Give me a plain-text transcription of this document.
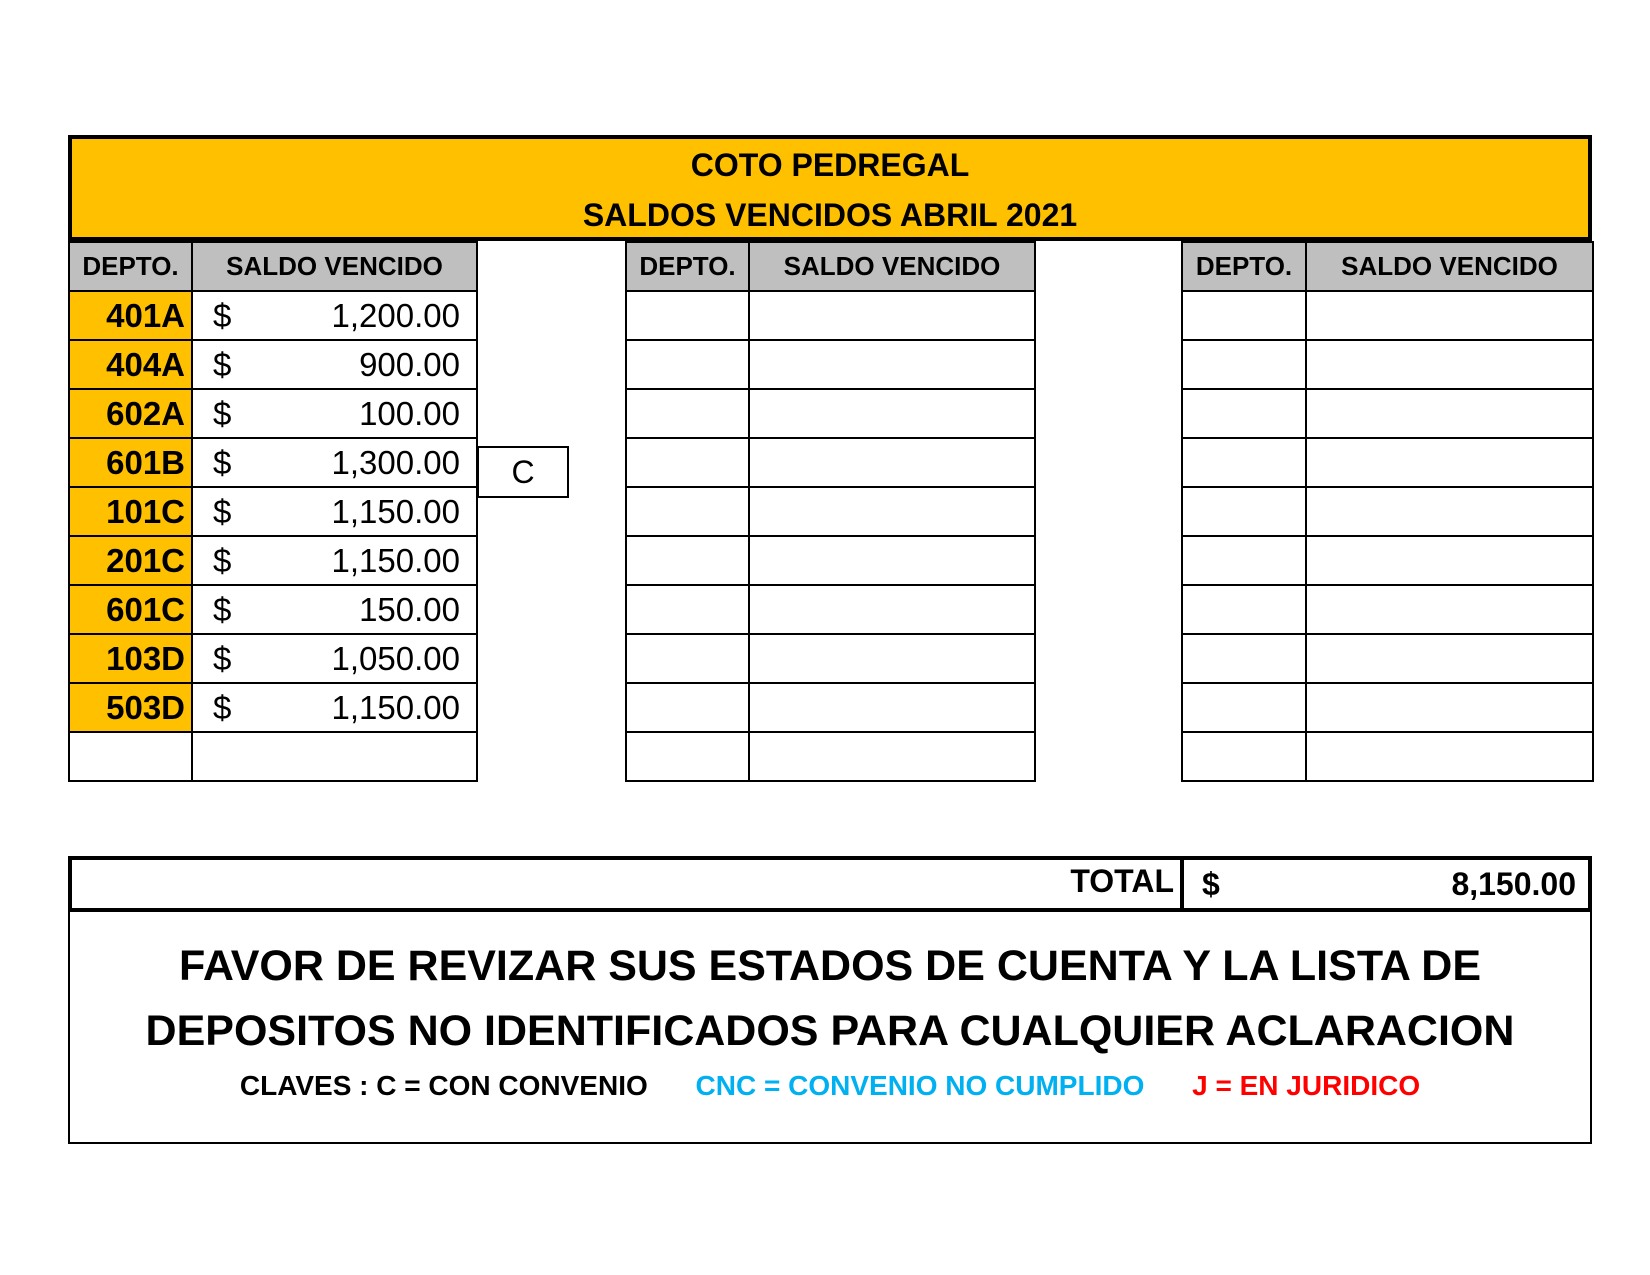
COTO PEDREGAL
SALDOS VENCIDOS ABRIL 2021
DEPTO.	SALDO VENCIDO
401A	$ 1,200.00

404A	$ 900.00

602A	$ 100.00

601B	$ 1,300.00

101C	$ 1,150.00

201C	$ 1,150.00

601C	$ 150.00

103D	$ 1,050.00

503D	$ 1,150.00

C
DEPTO.	SALDO VENCIDO

		DEPTO.	SALDO VENCIDO

TOTAL $	8,150.00
FAVOR DE REVIZAR SUS ESTADOS DE CUENTA Y LA LISTA DE
DEPOSITOS NO IDENTIFICADOS PARA CUALQUIER ACLARACION
CLAVES : C = CON CONVENIO CNC = CONVENIO NO CUMPLIDO J = EN JURIDICO
